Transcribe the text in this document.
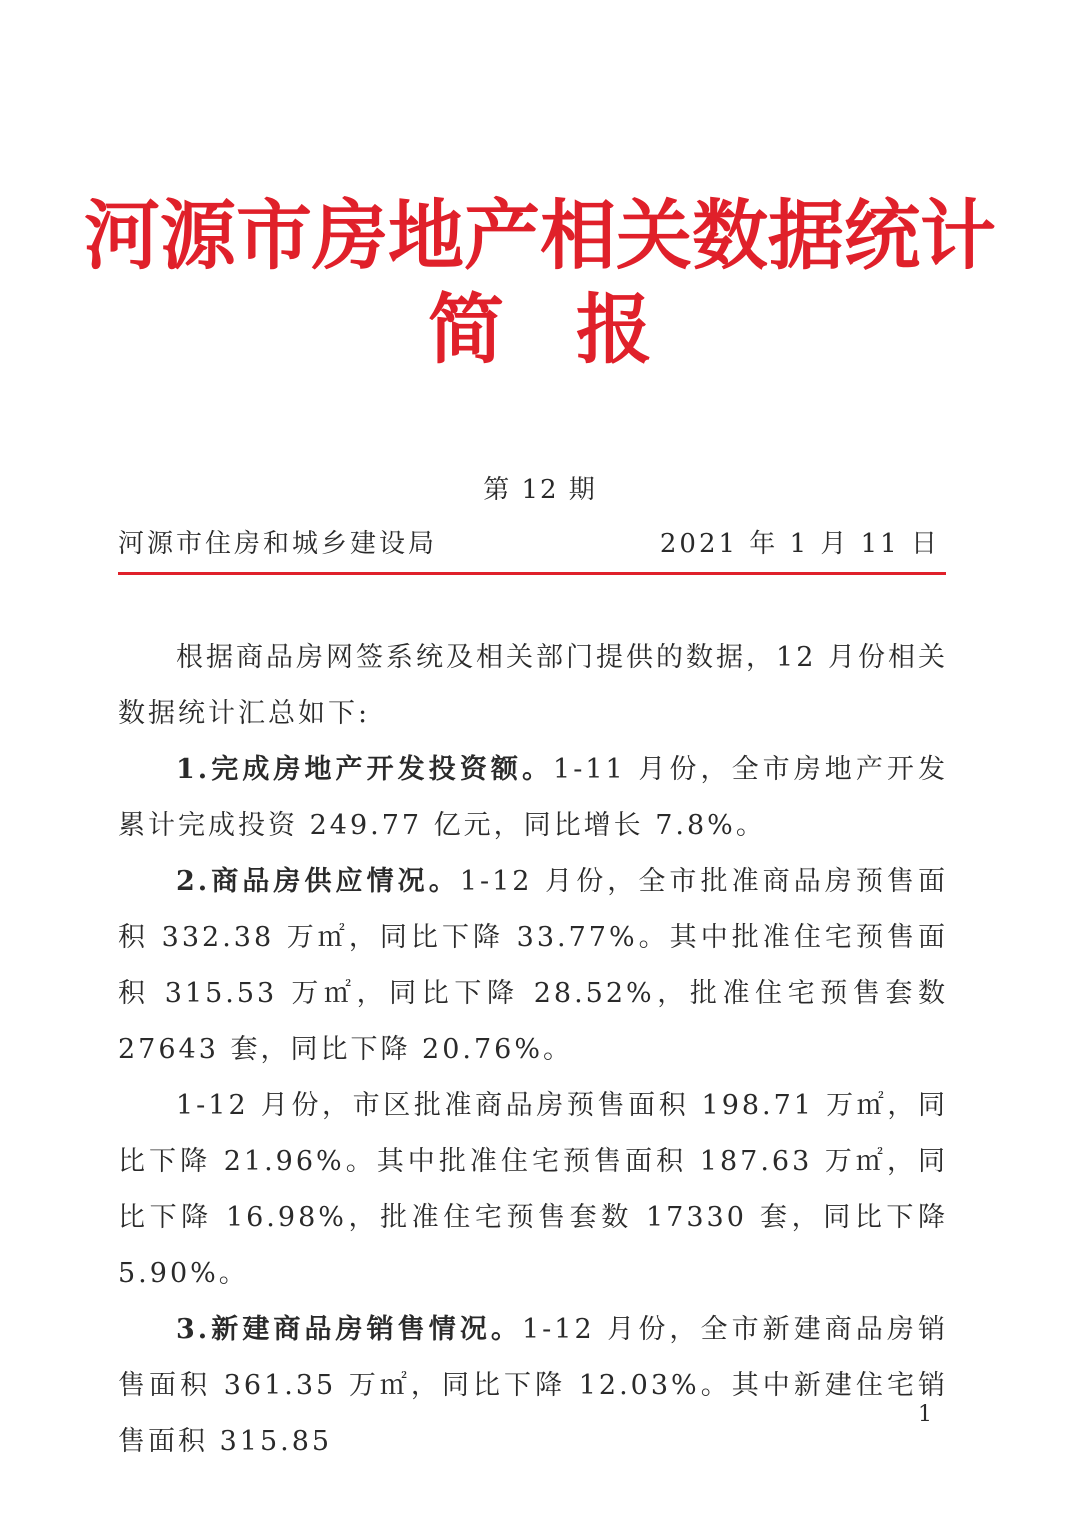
河源市房地产相关数据统计
简报
第 12 期
河源市住房和城乡建设局	2021 年 1 月 11 日

根据商品房网签系统及相关部门提供的数据，12 月份相关数据统计汇总如下:

1.完成房地产开发投资额。1-11 月份，全市房地产开发累计完成投资 249.77 亿元，同比增长 7.8%。

2.商品房供应情况。1-12 月份，全市批准商品房预售面积 332.38 万㎡，同比下降 33.77%。其中批准住宅预售面积 315.53 万㎡，同比下降 28.52%，批准住宅预售套数 27643 套，同比下降 20.76%。

1-12 月份，市区批准商品房预售面积 198.71 万㎡，同比下降 21.96%。其中批准住宅预售面积 187.63 万㎡，同比下降 16.98%，批准住宅预售套数 17330 套，同比下降 5.90%。

3.新建商品房销售情况。1-12 月份，全市新建商品房销售面积 361.35 万㎡，同比下降 12.03%。其中新建住宅销售面积 315.85

1
